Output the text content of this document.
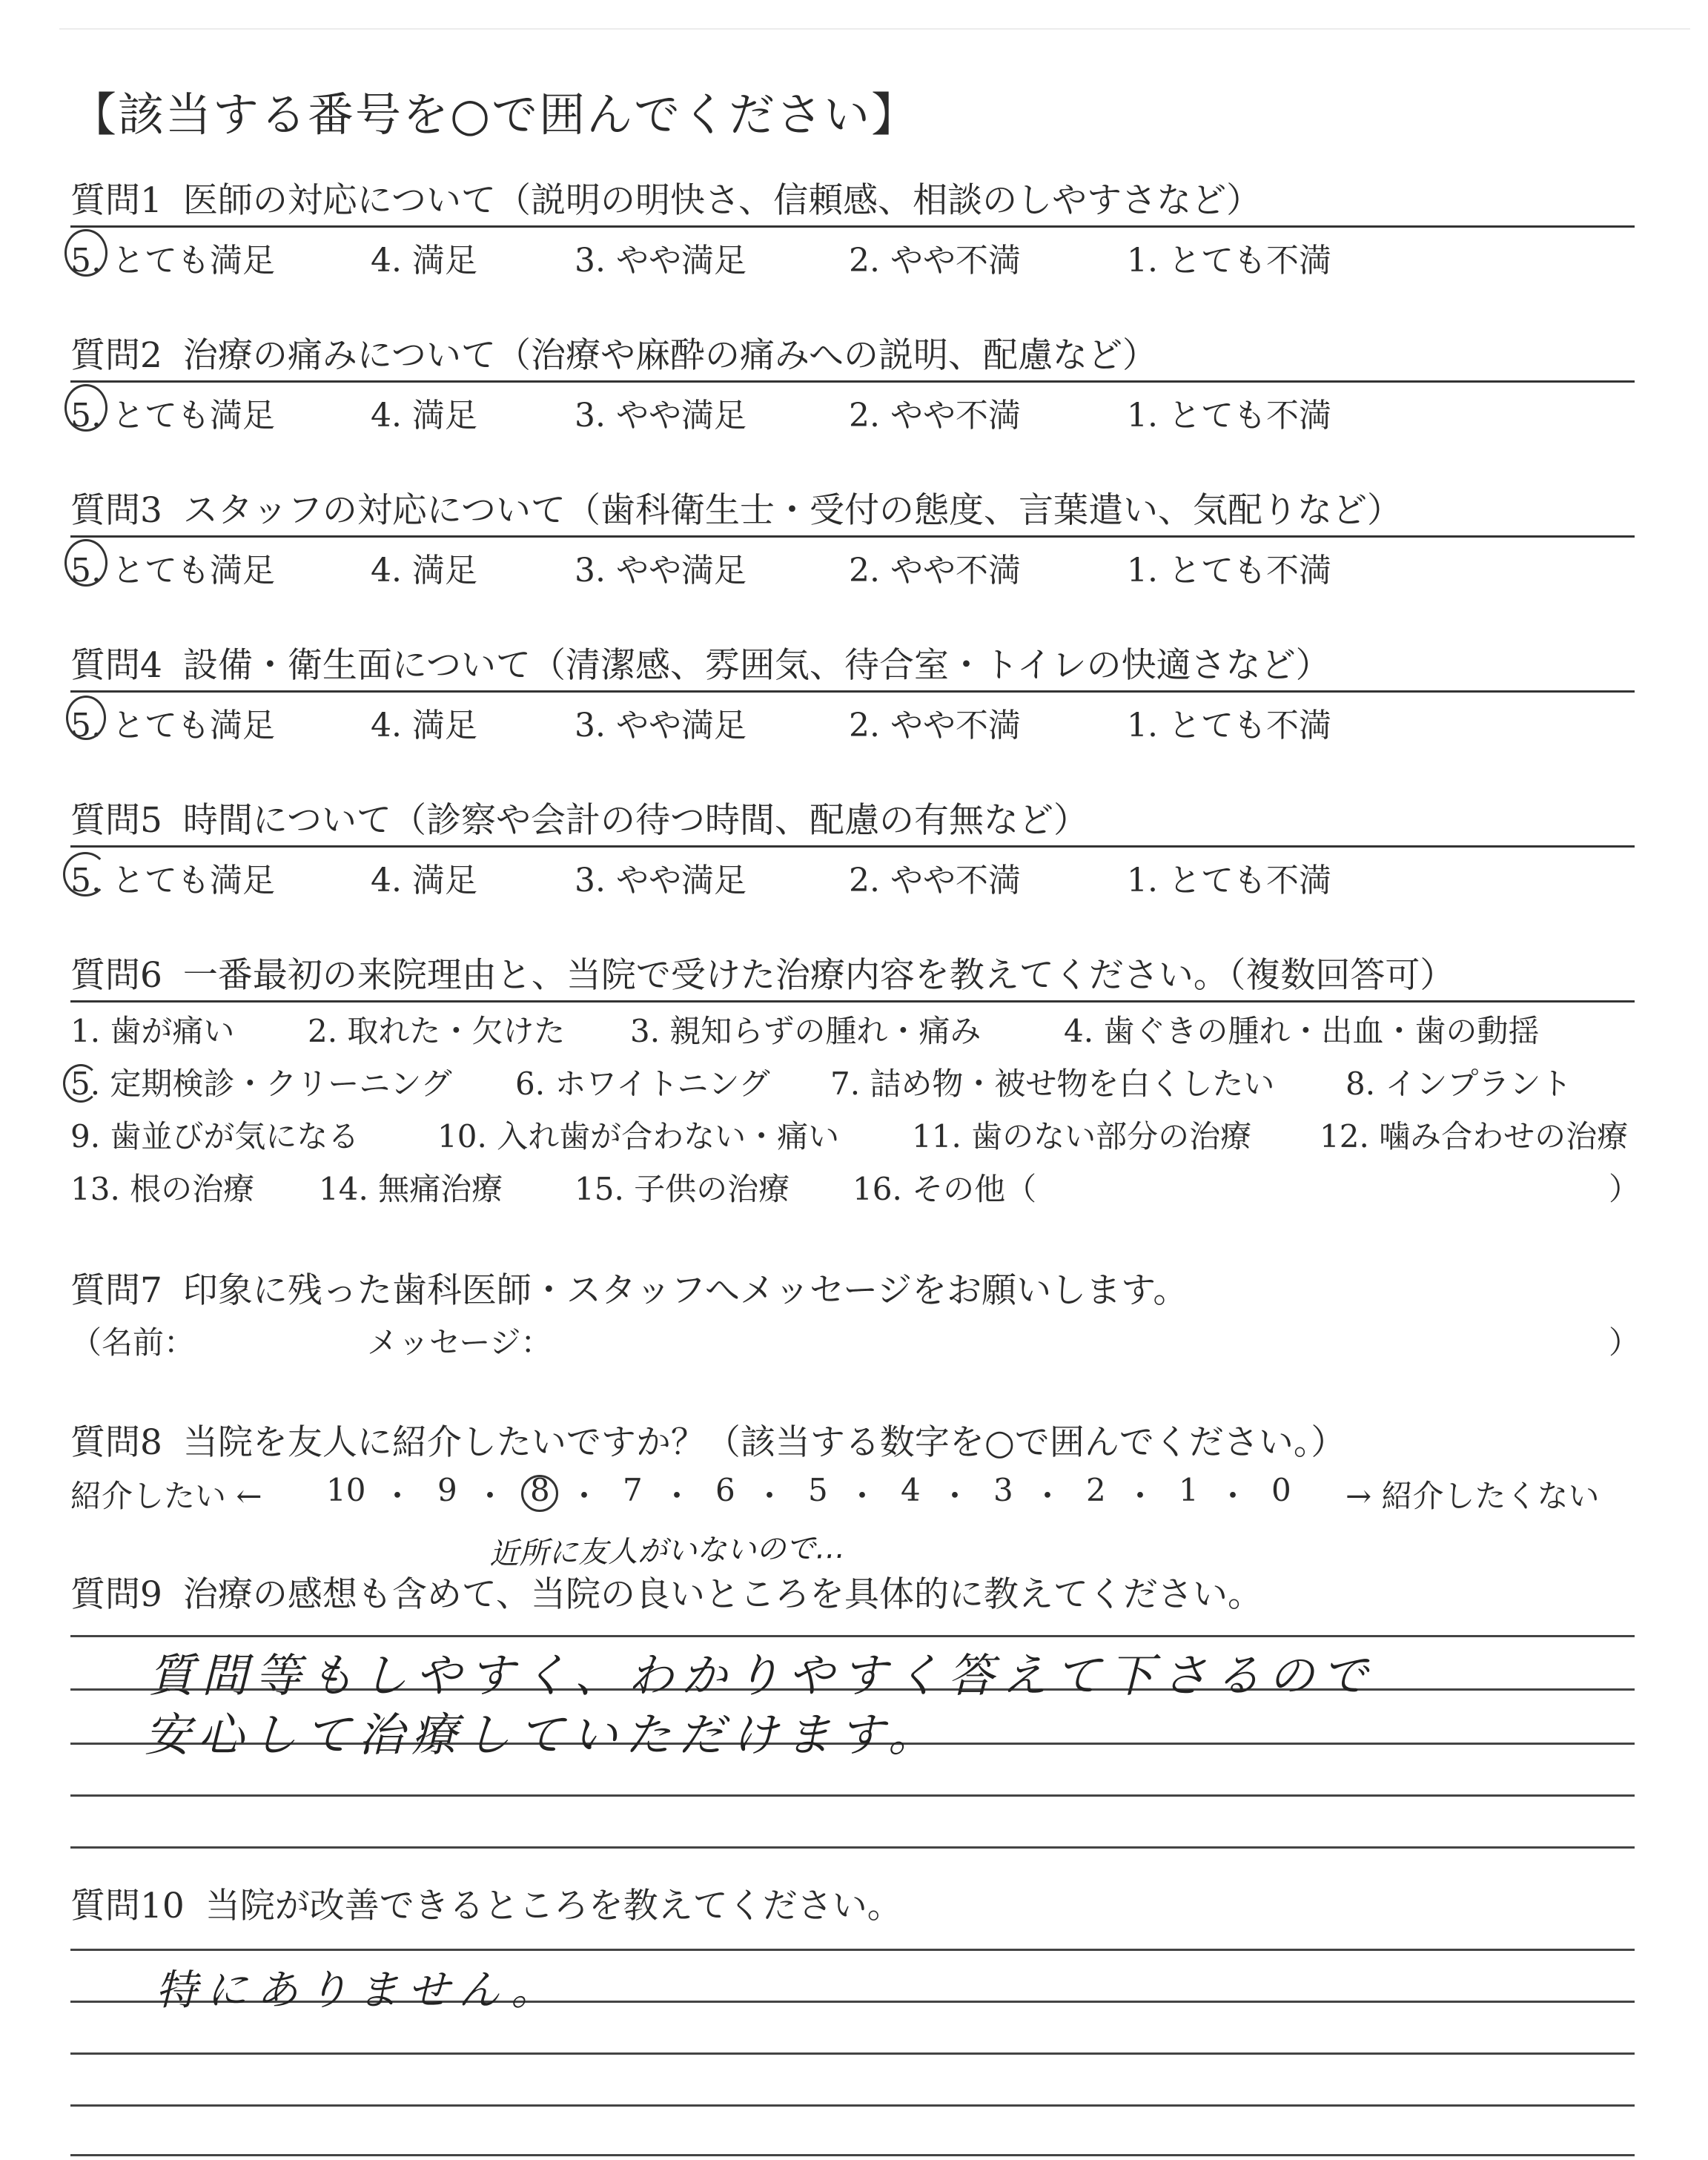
【該当する番号を○で囲んでください】
質問1 医師の対応について（説明の明快さ、信頼感、相談のしやすさなど）
5. とても満足	4. 満足	3. やや満足	2. やや不満	1. とても不満
質問2 治療の痛みについて（治療や麻酔の痛みへの説明、配慮など）
5. とても満足	4. 満足	3. やや満足	2. やや不満	1. とても不満
質問3 スタッフの対応について（歯科衛生士・受付の態度、言葉遣い、気配りなど）
5. とても満足	4. 満足	3. やや満足	2. やや不満	1. とても不満
質問4 設備・衛生面について（清潔感、雰囲気、待合室・トイレの快適さなど）
5. とても満足	4. 満足	3. やや満足	2. やや不満	1. とても不満
質問5 時間について（診察や会計の待つ時間、配慮の有無など）
5. とても満足	4. 満足	3. やや満足	2. やや不満	1. とても不満
質問6 一番最初の来院理由と、当院で受けた治療内容を教えてください。（複数回答可）
1. 歯が痛い 2. 取れた・欠けた 3. 親知らずの腫れ・痛み	4. 歯ぐきの腫れ・出血・歯の動揺
5. 定期検診・クリーニング 6. ホワイトニング 7. 詰め物・被せ物を白くしたい 8. インプラント
9. 歯並びが気になる	10. 入れ歯が合わない・痛い 11. 歯のない部分の治療 12. 噛み合わせの治療
13. 根の治療 14. 無痛治療 15. 子供の治療 16. その他（	）
質問7 印象に残った歯科医師・スタッフへメッセージをお願いします。
（名前：	メッセージ：	）
質問8 当院を友人に紹介したいですか？（該当する数字を○で囲んでください。）
紹介したい ← 10 ・ 9 ・ 8 ・ 7 ・ 6 ・ 5 ・ 4 ・ 3 ・ 2 ・ 1 ・ 0 → 紹介したくない
近所に友人がいないので…
質問9 治療の感想も含めて、当院の良いところを具体的に教えてください。
質問等もしやすく、わかりやすく答えて下さるので
安心して治療していただけます。
質問10 当院が改善できるところを教えてください。
特にありません。
